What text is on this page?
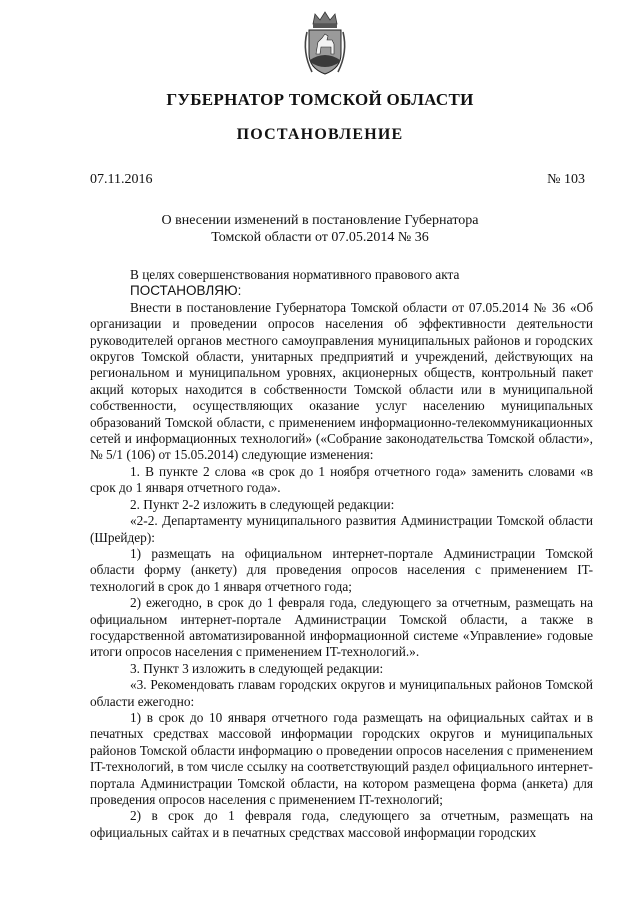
ГУБЕРНАТОР ТОМСКОЙ ОБЛАСТИ
ПОСТАНОВЛЕНИЕ
07.11.2016	№ 103
О внесении изменений в постановление Губернатора
Томской области от 07.05.2014 № 36

В целях совершенствования нормативного правового акта

ПОСТАНОВЛЯЮ:

Внести в постановление Губернатора Томской области от 07.05.2014 № 36 «Об организации и проведении опросов населения об эффективности деятельности руководителей органов местного самоуправления муниципальных районов и городских округов Томской области, унитарных предприятий и учреждений, действующих на региональном и муниципальном уровнях, акционерных обществ, контрольный пакет акций которых находится в собственности Томской области или в муниципальной собственности, осуществляющих оказание услуг населению муниципальных образований Томской области, с применением информационно-телекоммуникационных сетей и информационных технологий» («Собрание законодательства Томской области», № 5/1 (106) от 15.05.2014) следующие изменения:

1. В пункте 2 слова «в срок до 1 ноября отчетного года» заменить словами «в срок до 1 января отчетного года».

2. Пункт 2-2 изложить в следующей редакции:

«2-2. Департаменту муниципального развития Администрации Томской области (Шрейдер):

1) размещать на официальном интернет-портале Администрации Томской области форму (анкету) для проведения опросов населения с применением IT-технологий в срок до 1 января отчетного года;

2) ежегодно, в срок до 1 февраля года, следующего за отчетным, размещать на официальном интернет-портале Администрации Томской области, а также в государственной автоматизированной информационной системе «Управление» годовые итоги опросов населения с применением IT-технологий.».

3. Пункт 3 изложить в следующей редакции:

«3. Рекомендовать главам городских округов и муниципальных районов Томской области ежегодно:

1) в срок до 10 января отчетного года размещать на официальных сайтах и в печатных средствах массовой информации городских округов и муниципальных районов Томской области информацию о проведении опросов населения с применением IT-технологий, в том числе ссылку на соответствующий раздел официального интернет-портала Администрации Томской области, на котором размещена форма (анкета) для проведения опросов населения с применением IT-технологий;

2) в срок до 1 февраля года, следующего за отчетным, размещать на официальных сайтах и в печатных средствах массовой информации городских
